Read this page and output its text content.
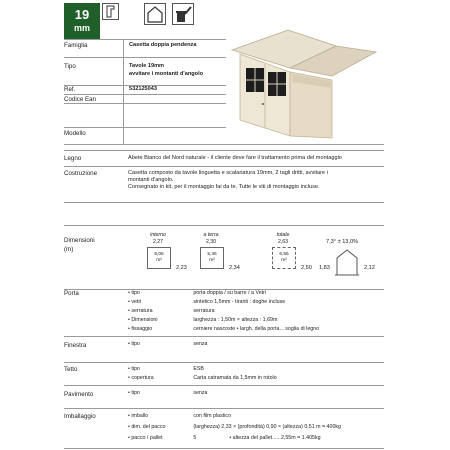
19
mm
Famiglia	Casetta doppia pendenza
Tipo	Tavole 19mm
avvitare i montanti d'angolo
Ref.	532125043
Codice Ean
Modello
Legno	Abete Bianco del Nord naturale - il cliente deve fare il trattamento prima del montaggio
Costruzione	Casetta composto da tavole linguetta e scalanatura 19mm, 2 tagli dritti, avvitare i
montanti d'angolo.
Consegnato in kit, per il montaggio fai da te. Tutte le viti di montaggio incluse.
Dimensioni
(m)
interno
2,27
5,06
m²
2,23
a terra
2,30
5,36
m²
2,34
totale
2,63
6,56
m²
2,50
7,3° ± 13,0%
1,83	2,12
Porta	• tipo	porta doppia / su barre / a Vetri
• vetri	sintetico 1,5mm - tiranti : doghe incluse
• serratura	serratura
• Dimensioni	larghezza : 1,50m × altezza : 1,69m
• fissaggio	cerniere nascoste • largh. della porta... soglia di legno
Finestra	• tipo	senza
Tetto	• tipo	ESB
• copertura	Carta catramata da 1,5mm in rotolo
Pavimento	• tipo	senza
Imballaggio	• imballo	con film plastico
• dim. del pacco	(larghezza) 2,33 × (profondità) 0,90 × (altezza) 0,51 m = 400kg
• pacco / pallet	5	• altezza del pallet..... 2,55m = 1.405kg
